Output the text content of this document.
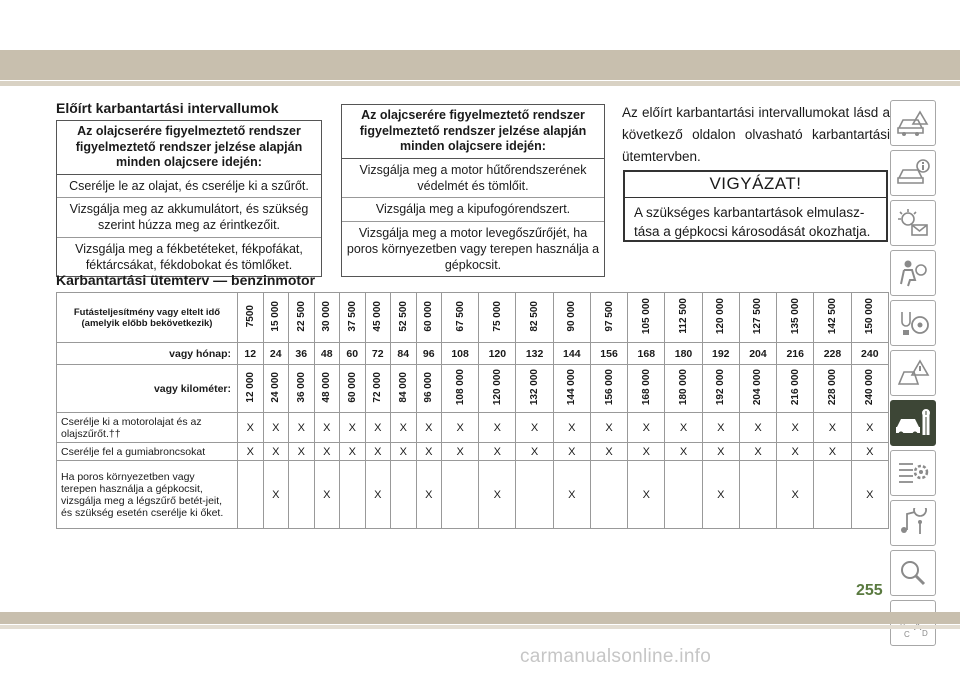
Előírt karbantartási intervallumok
Az olajcserére figyelmeztető rendszer figyelmeztető rendszer jelzése alapján minden olajcsere idején:
Cserélje le az olajat, és cserélje ki a szűrőt.
Vizsgálja meg az akkumulátort, és szükség szerint húzza meg az érintkezőit.
Vizsgálja meg a fékbetéteket, fékpofákat, féktárcsákat, fékdobokat és tömlőket.
Az olajcserére figyelmeztető rendszer figyelmeztető rendszer jelzése alapján minden olajcsere idején:
Vizsgálja meg a motor hűtőrendszerének védelmét és tömlőit.
Vizsgálja meg a kipufogórendszert.
Vizsgálja meg a motor levegőszűrőjét, ha poros környezetben vagy terepen használja a gépkocsit.
Az előírt karbantartási intervallumokat lásd a következő oldalon olvasható karbantartási ütemtervben.
VIGYÁZAT!
A szükséges karbantartások elmulasz-tása a gépkocsi károsodását okozhatja.
Karbantartási ütemterv — benzinmotor
Futásteljesítmény vagy eltelt idő (amelyik előbb bekövetkezik)	7500	15 000	22 500	30 000	37 500	45 000	52 500	60 000	67 500	75 000	82 500	90 000	97 500	105 000	112 500	120 000	127 500	135 000	142 500	150 000
vagy hónap:	12	24	36	48	60	72	84	96	108	120	132	144	156	168	180	192	204	216	228	240
vagy kilométer:	12 000	24 000	36 000	48 000	60 000	72 000	84 000	96 000	108 000	120 000	132 000	144 000	156 000	168 000	180 000	192 000	204 000	216 000	228 000	240 000
Cserélje ki a motorolajat és az olajszűrőt.††	X	X	X	X	X	X	X	X	X	X	X	X	X	X	X	X	X	X	X	X
Cserélje fel a gumiabroncsokat	X	X	X	X	X	X	X	X	X	X	X	X	X	X	X	X	X	X	X	X
Ha poros környezetben vagy terepen használja a gépkocsit, vizsgálja meg a légszűrő betét-jeit, és szükség esetén cserélje ki őket.		X		X		X		X		X		X		X		X		X		X
C D
255
carmanualsonline.info
